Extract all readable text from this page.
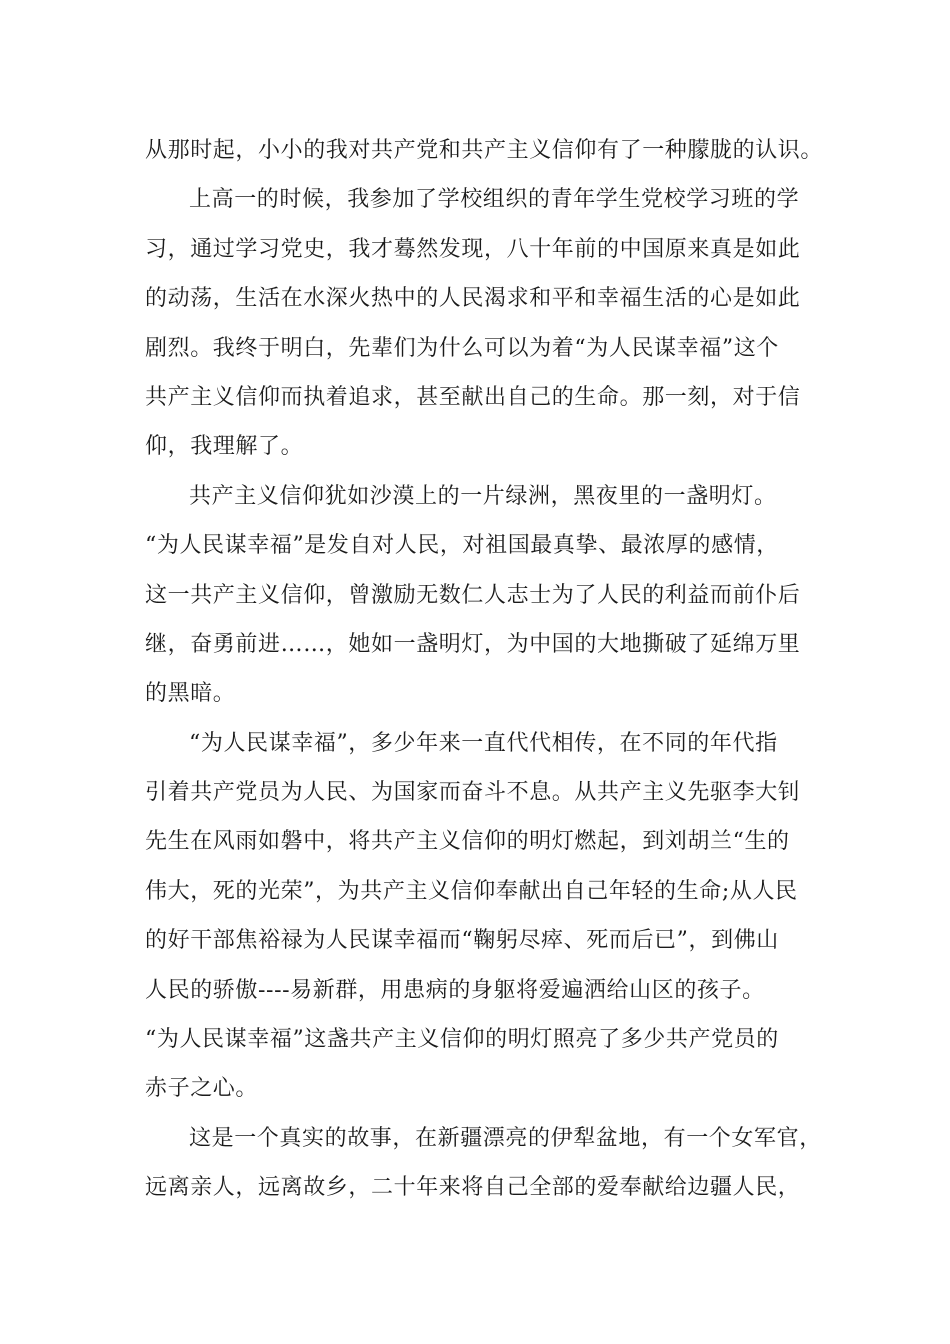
从那时起，小小的我对共产党和共产主义信仰有了一种朦胧的认识。
上高一的时候，我参加了学校组织的青年学生党校学习班的学
习，通过学习党史，我才蓦然发现，八十年前的中国原来真是如此
的动荡，生活在水深火热中的人民渴求和平和幸福生活的心是如此
剧烈。我终于明白，先辈们为什么可以为着“为人民谋幸福”这个
共产主义信仰而执着追求，甚至献出自己的生命。那一刻，对于信
仰，我理解了。
共产主义信仰犹如沙漠上的一片绿洲，黑夜里的一盏明灯。
“为人民谋幸福”是发自对人民，对祖国最真挚、最浓厚的感情，
这一共产主义信仰，曾激励无数仁人志士为了人民的利益而前仆后
继，奋勇前进……，她如一盏明灯，为中国的大地撕破了延绵万里
的黑暗。
“为人民谋幸福”，多少年来一直代代相传，在不同的年代指
引着共产党员为人民、为国家而奋斗不息。从共产主义先驱李大钊
先生在风雨如磐中，将共产主义信仰的明灯燃起，到刘胡兰“生的
伟大，死的光荣”，为共产主义信仰奉献出自己年轻的生命;从人民
的好干部焦裕禄为人民谋幸福而“鞠躬尽瘁、死而后已”，到佛山
人民的骄傲----易新群，用患病的身躯将爱遍洒给山区的孩子。
“为人民谋幸福”这盏共产主义信仰的明灯照亮了多少共产党员的
赤子之心。
这是一个真实的故事，在新疆漂亮的伊犁盆地，有一个女军官，
远离亲人，远离故乡，二十年来将自己全部的爱奉献给边疆人民，
